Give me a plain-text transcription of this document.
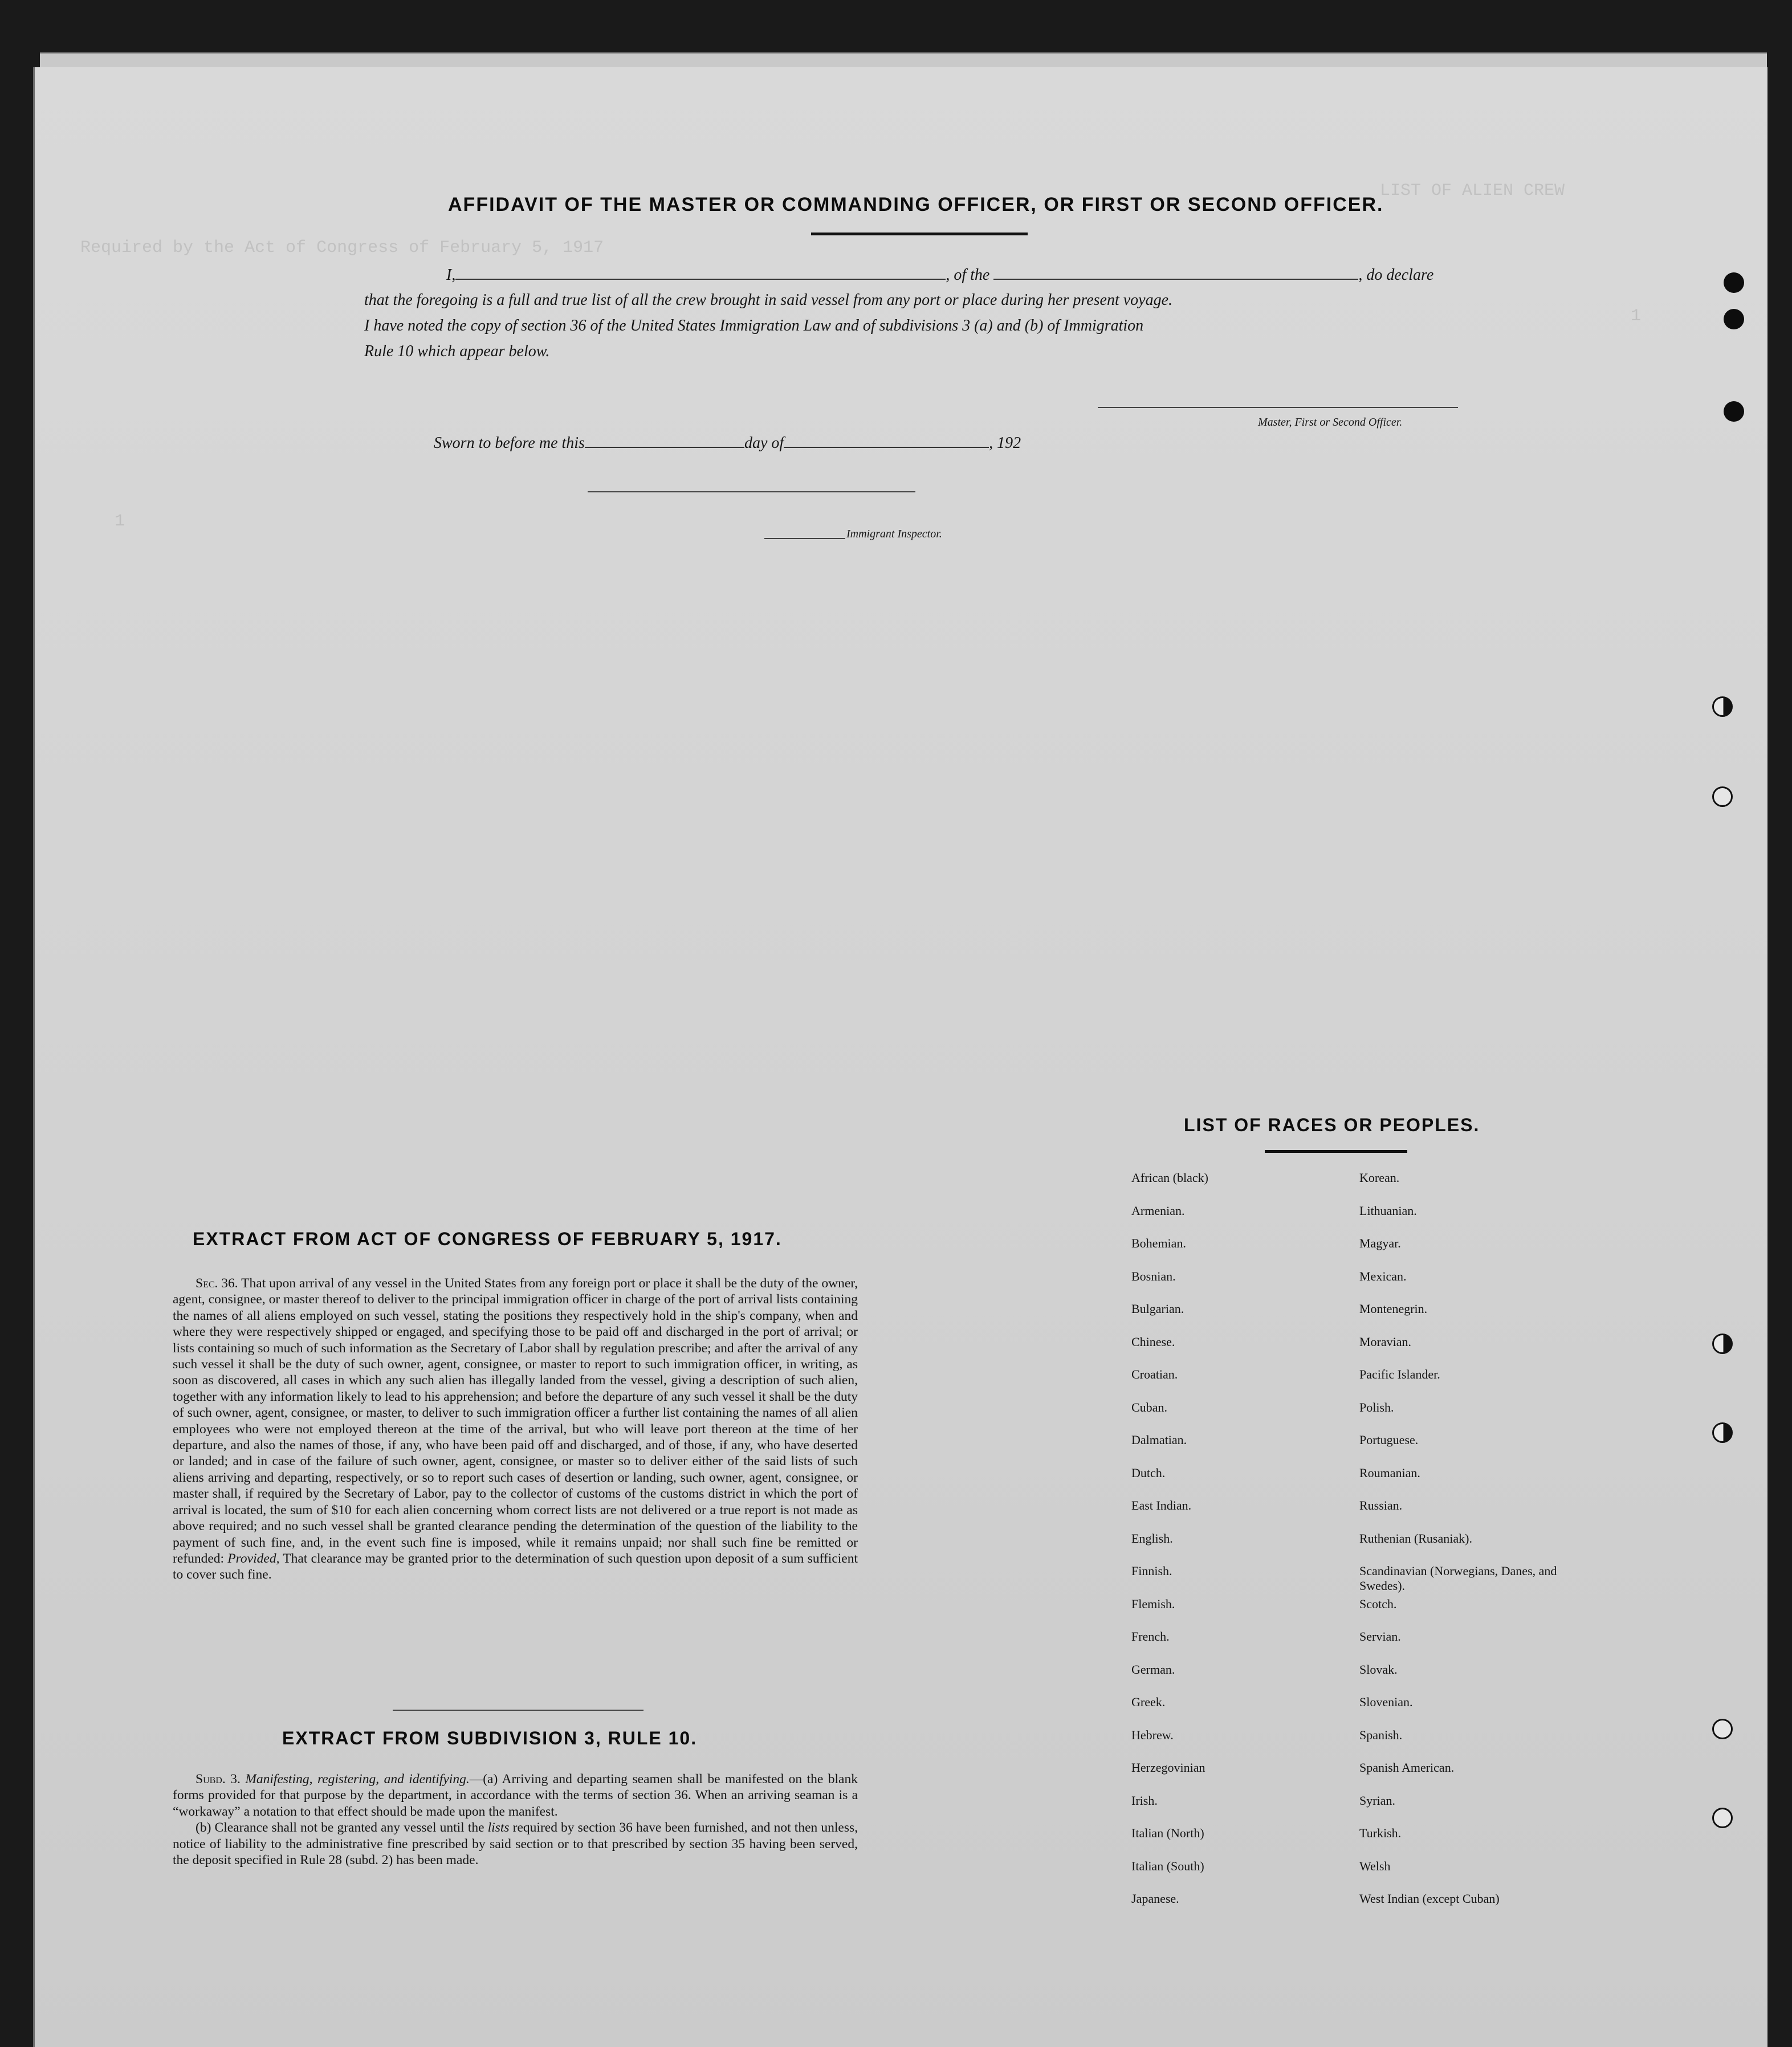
LIST OF ALIEN CREW
Required by the Act of Congress of February 5, 1917
1
1
AFFIDAVIT OF THE MASTER OR COMMANDING OFFICER, OR FIRST OR SECOND OFFICER.
I,	, of the	, do declare
that the foregoing is a full and true list of all the crew brought in said vessel from any port or place during her present voyage.
I have noted the copy of section 36 of the United States Immigration Law and of subdivisions 3 (a) and (b) of Immigration
Rule 10 which appear below.
Master, First or Second Officer.
Sworn to before me this	day of	, 192
Immigrant Inspector.
EXTRACT FROM ACT OF CONGRESS OF FEBRUARY 5, 1917.

Sec. 36. That upon arrival of any vessel in the United States from any foreign port or place it shall be the duty of the owner, agent, consignee, or master thereof to deliver to the principal immigration officer in charge of the port of arrival lists containing the names of all aliens employed on such vessel, stating the positions they respectively hold in the ship's company, when and where they were respectively shipped or engaged, and specifying those to be paid off and discharged in the port of arrival; or lists containing so much of such information as the Secretary of Labor shall by regulation prescribe; and after the arrival of any such vessel it shall be the duty of such owner, agent, consignee, or master to report to such immigration officer, in writing, as soon as discovered, all cases in which any such alien has illegally landed from the vessel, giving a description of such alien, together with any information likely to lead to his apprehension; and before the departure of any such vessel it shall be the duty of such owner, agent, consignee, or master, to deliver to such immigration officer a further list containing the names of all alien employees who were not employed thereon at the time of the arrival, but who will leave port thereon at the time of her departure, and also the names of those, if any, who have been paid off and discharged, and of those, if any, who have deserted or landed; and in case of the failure of such owner, agent, consignee, or master so to deliver either of the said lists of such aliens arriving and departing, respectively, or so to report such cases of desertion or landing, such owner, agent, consignee, or master shall, if required by the Secretary of Labor, pay to the collector of customs of the customs district in which the port of arrival is located, the sum of $10 for each alien concerning whom correct lists are not delivered or a true report is not made as above required; and no such vessel shall be granted clearance pending the determination of the question of the liability to the payment of such fine, and, in the event such fine is imposed, while it remains unpaid; nor shall such fine be remitted or refunded: Provided, That clearance may be granted prior to the determination of such question upon deposit of a sum sufficient to cover such fine.

EXTRACT FROM SUBDIVISION 3, RULE 10.

Subd. 3. Manifesting, registering, and identifying.—(a) Arriving and departing seamen shall be manifested on the blank forms provided for that purpose by the department, in accordance with the terms of section 36. When an arriving seaman is a “workaway” a notation to that effect should be made upon the manifest.

(b) Clearance shall not be granted any vessel until the lists required by section 36 have been furnished, and not then unless, notice of liability to the administrative fine prescribed by said section or to that prescribed by section 35 having been served, the deposit specified in Rule 28 (subd. 2) has been made.

LIST OF RACES OR PEOPLES.
African (black)	Korean.
Armenian.	Lithuanian.
Bohemian.	Magyar.
Bosnian.	Mexican.
Bulgarian.	Montenegrin.
Chinese.	Moravian.
Croatian.	Pacific Islander.
Cuban.	Polish.
Dalmatian.	Portuguese.
Dutch.	Roumanian.
East Indian.	Russian.
English.	Ruthenian (Rusaniak).
Finnish.	Scandinavian (Norwegians, Danes, and Swedes).
Flemish.	Scotch.
French.	Servian.
German.	Slovak.
Greek.	Slovenian.
Hebrew.	Spanish.
Herzegovinian	Spanish American.
Irish.	Syrian.
Italian (North)	Turkish.
Italian (South)	Welsh
Japanese.	West Indian (except Cuban)
